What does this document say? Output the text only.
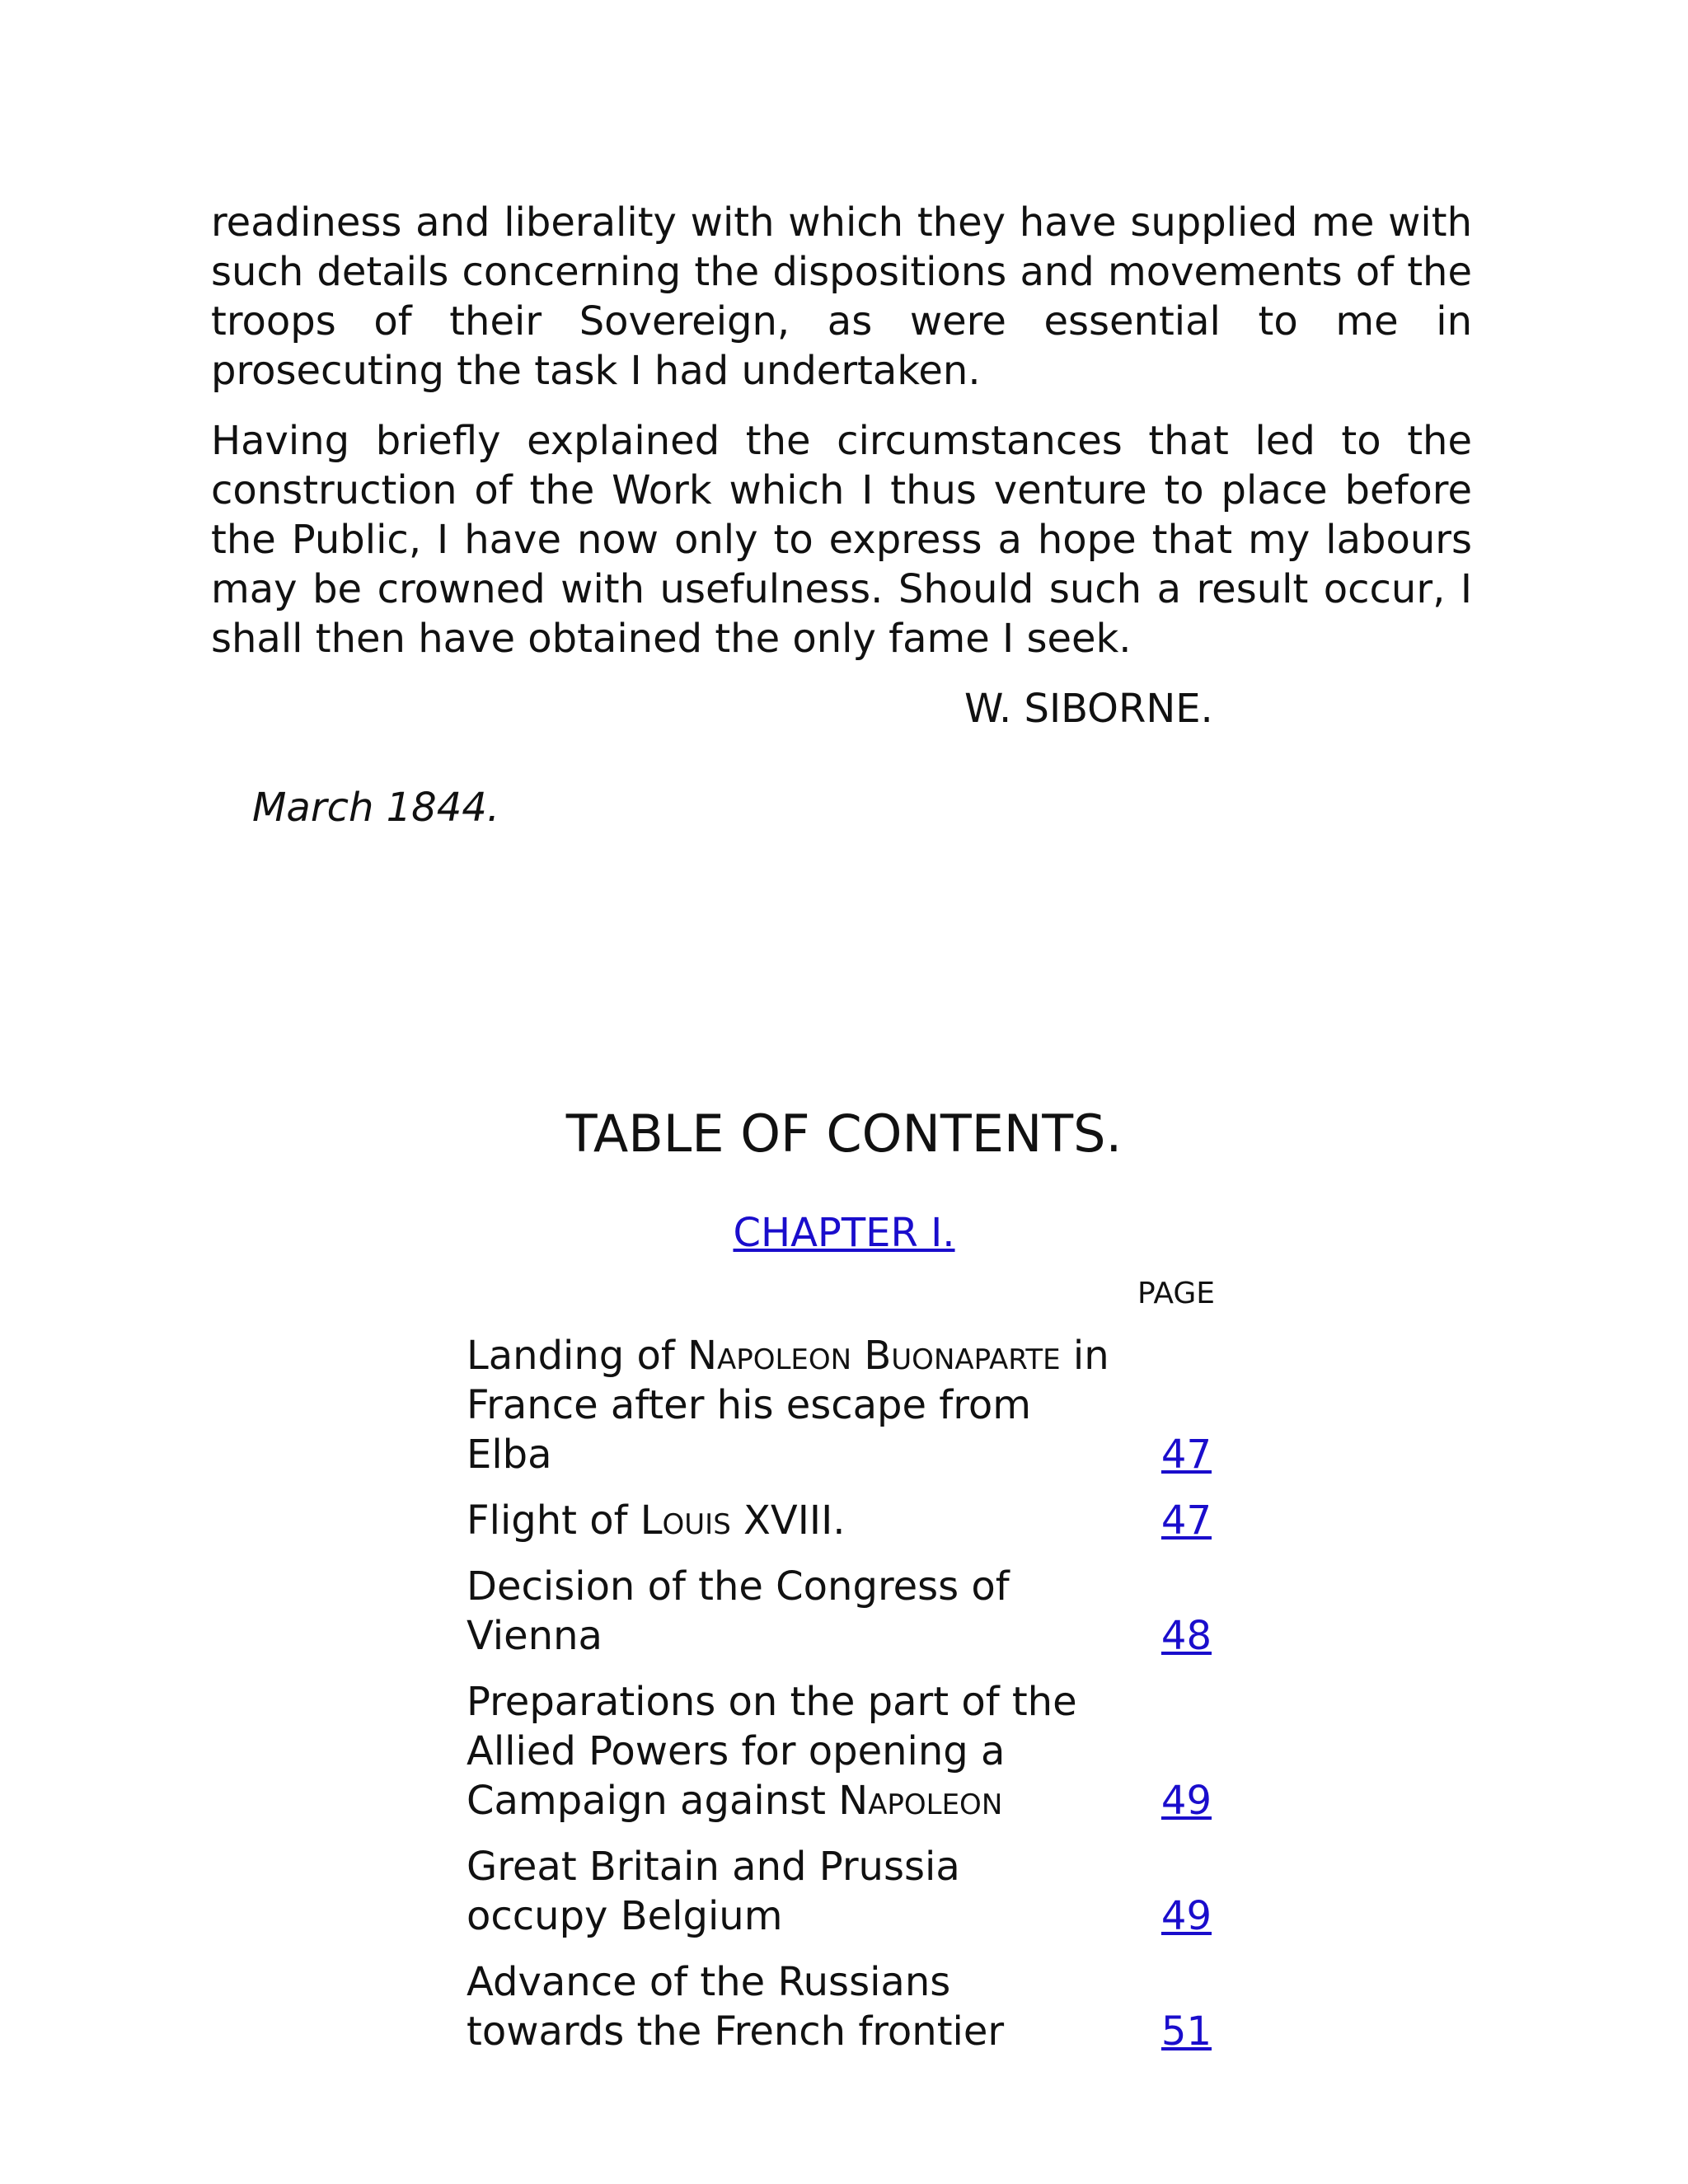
readiness and liberality with which they have supplied me with such details concerning the dispositions and movements of the troops of their Sovereign, as were essential to me in prosecuting the task I had undertaken.

Having briefly explained the circumstances that led to the construction of the Work which I thus venture to place before the Public, I have now only to express a hope that my labours may be crowned with usefulness. Should such a result occur, I shall then have obtained the only fame I seek.

W. SIBORNE.
March 1844.
TABLE OF CONTENTS.
CHAPTER I.
PAGE
Landing of Napoleon Buonaparte in France after his escape from Elba	47
Flight of Louis XVIII.	47
Decision of the Congress of Vienna	48
Preparations on the part of the Allied Powers for opening a Campaign against Napoleon	49
Great Britain and Prussia occupy Belgium	49
Advance of the Russians towards the French frontier	51
